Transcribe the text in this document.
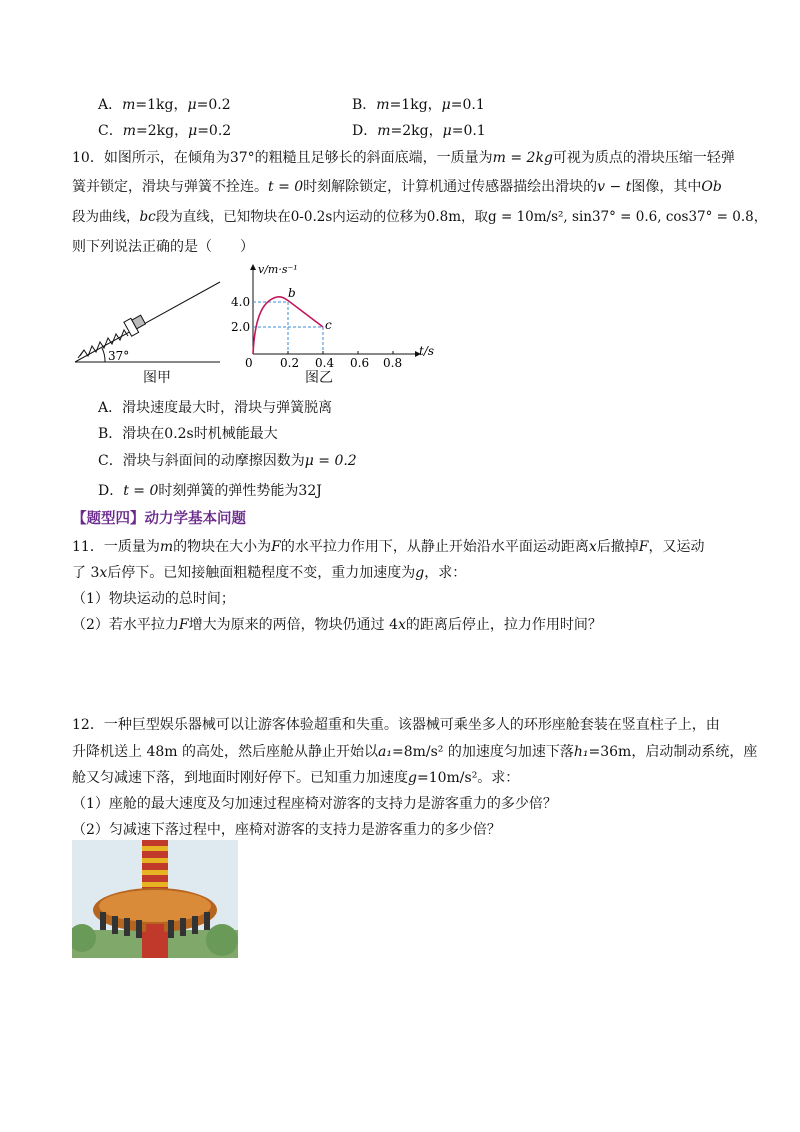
A．m=1kg，μ=0.2	B．m=1kg，μ=0.1
C．m=2kg，μ=0.2	D．m=2kg，μ=0.1
10．如图所示，在倾角为37°的粗糙且足够长的斜面底端，一质量为m = 2kg可视为质点的滑块压缩一轻弹
簧并锁定，滑块与弹簧不拴连。t = 0时刻解除锁定，计算机通过传感器描绘出滑块的v − t图像，其中Ob
段为曲线，bc段为直线，已知物块在0-0.2s内运动的位移为0.8m，取g = 10m/s², sin37° = 0.6, cos37° = 0.8，
则下列说法正确的是（　　）
37°
图甲
v/m·s⁻¹
t/s
4.0
2.0
0 0.2 0.4 0.6 0.8
b
c
图乙
A．滑块速度最大时，滑块与弹簧脱离
B．滑块在0.2s时机械能最大
C．滑块与斜面间的动摩擦因数为μ = 0.2
D．t = 0时刻弹簧的弹性势能为32J
【题型四】动力学基本问题
11．一质量为m的物块在大小为F的水平拉力作用下，从静止开始沿水平面运动距离x后撤掉F，又运动
了 3x后停下。已知接触面粗糙程度不变，重力加速度为g，求：
（1）物块运动的总时间；
（2）若水平拉力F增大为原来的两倍，物块仍通过 4x的距离后停止，拉力作用时间？
12．一种巨型娱乐器械可以让游客体验超重和失重。该器械可乘坐多人的环形座舱套装在竖直柱子上，由
升降机送上 48m 的高处，然后座舱从静止开始以a₁=8m/s² 的加速度匀加速下落h₁=36m，启动制动系统，座
舱又匀减速下落，到地面时刚好停下。已知重力加速度g=10m/s²。求：
（1）座舱的最大速度及匀加速过程座椅对游客的支持力是游客重力的多少倍？
（2）匀减速下落过程中，座椅对游客的支持力是游客重力的多少倍？
